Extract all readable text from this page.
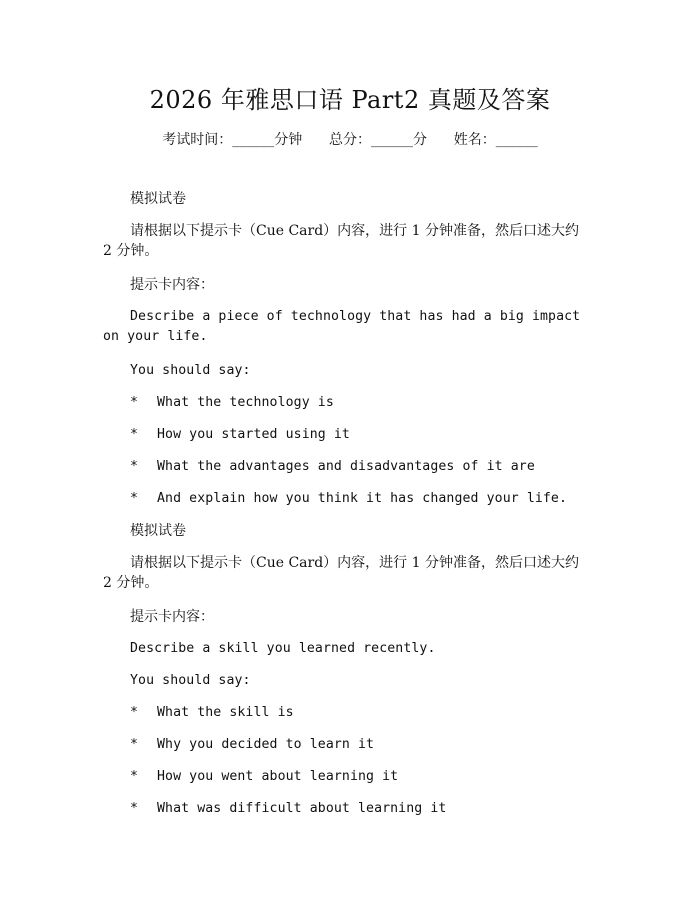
2026 年雅思口语 Part2 真题及答案
考试时间：______分钟 总分：______分 姓名：______

模拟试卷

请根据以下提示卡（Cue Card）内容，进行 1 分钟准备，然后口述大约 2 分钟。

提示卡内容：

Describe a piece of technology that has had a big impact on your life.

You should say:

*	What the technology is
*	How you started using it
*	What the advantages and disadvantages of it are
*	And explain how you think it has changed your life.

模拟试卷

请根据以下提示卡（Cue Card）内容，进行 1 分钟准备，然后口述大约 2 分钟。

提示卡内容：

Describe a skill you learned recently.

You should say:

*	What the skill is
*	Why you decided to learn it
*	How you went about learning it
*	What was difficult about learning it
